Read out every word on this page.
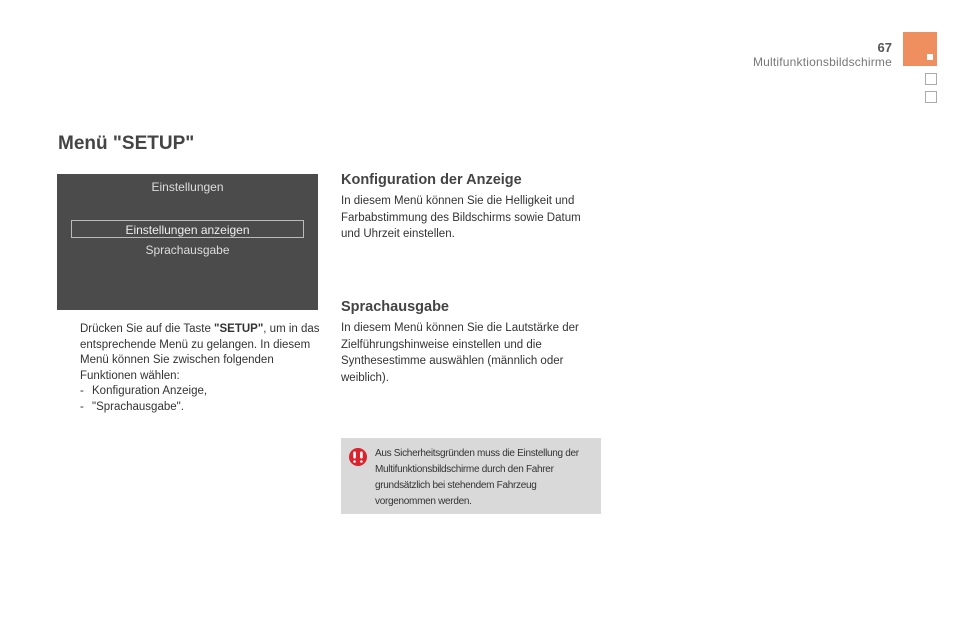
67
Multifunktionsbildschirme
Menü "SETUP"
Einstellungen
Einstellungen anzeigen
Sprachausgabe
Drücken Sie auf die Taste "SETUP", um in das entsprechende Menü zu gelangen. In diesem Menü können Sie zwischen folgenden Funktionen wählen:
- Konfiguration Anzeige,
- "Sprachausgabe".
Konfiguration der Anzeige

In diesem Menü können Sie die Helligkeit und Farbabstimmung des Bildschirms sowie Datum und Uhrzeit einstellen.

Sprachausgabe

In diesem Menü können Sie die Lautstärke der Zielführungshinweise einstellen und die Synthesestimme auswählen (männlich oder weiblich).

Aus Sicherheitsgründen muss die Einstellung der Multifunktionsbildschirme durch den Fahrer grundsätzlich bei stehendem Fahrzeug vorgenommen werden.
